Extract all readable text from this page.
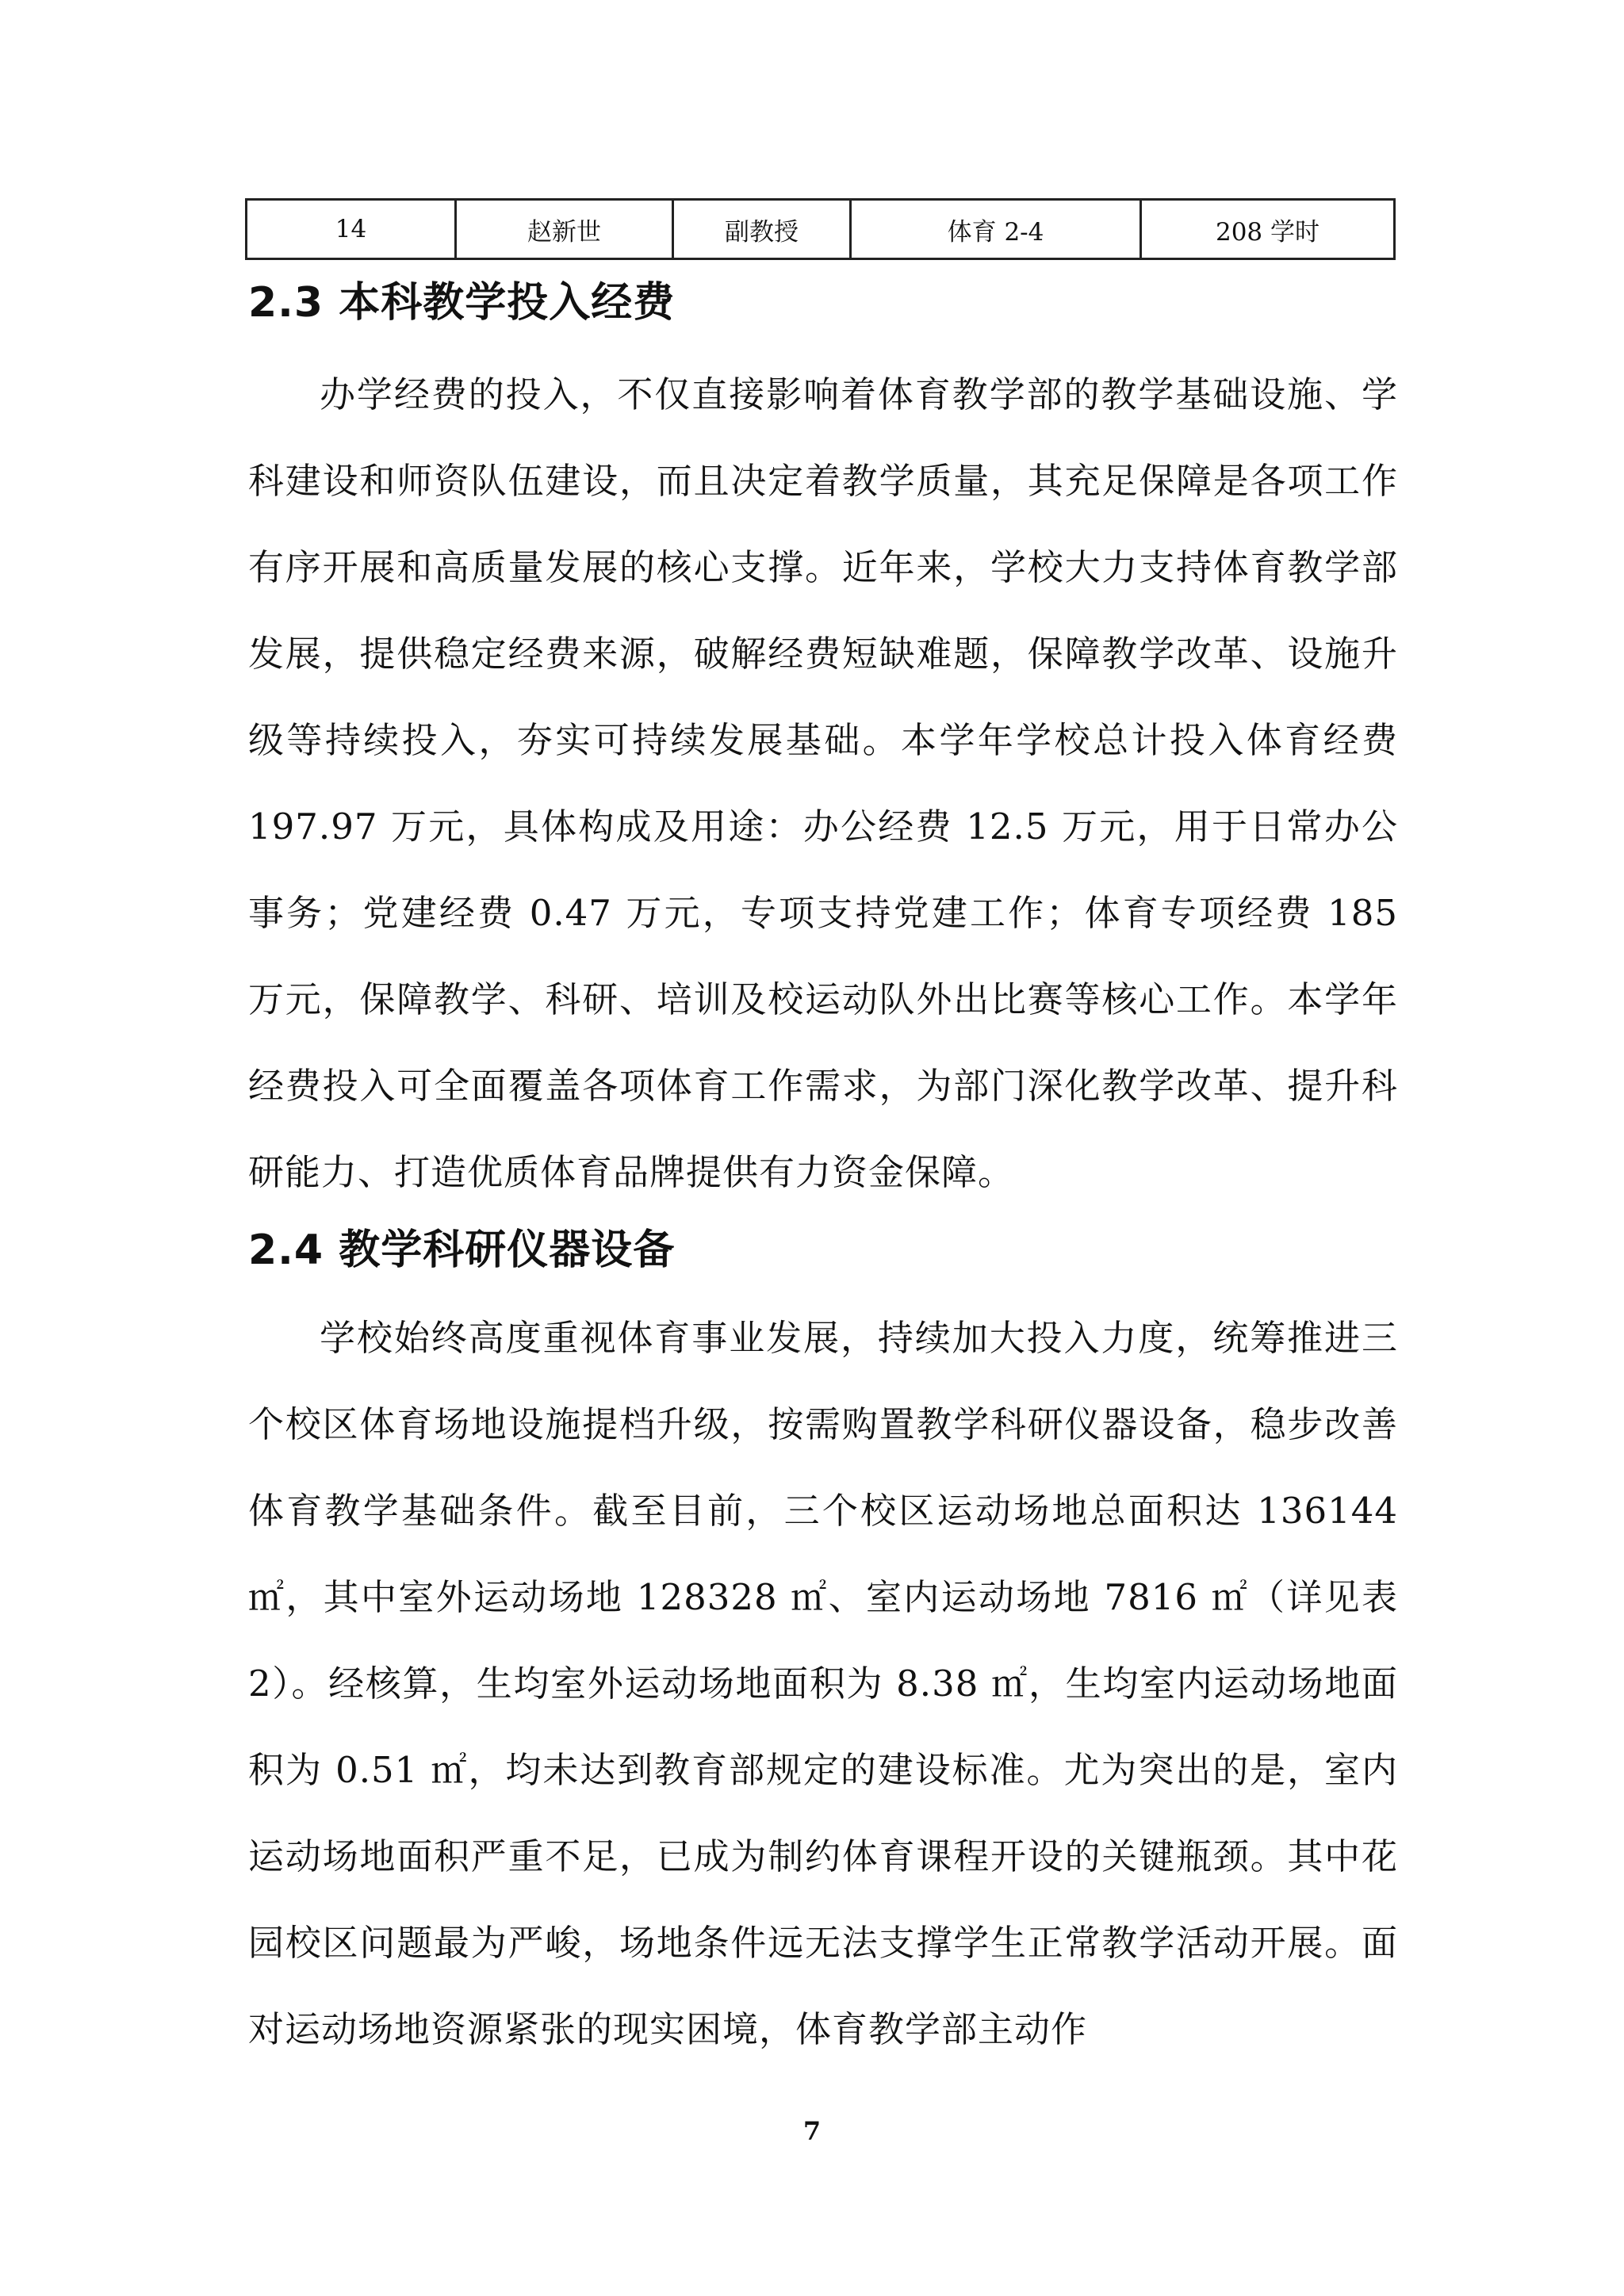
14	赵新世	副教授	体育 2-4	208 学时
2.3 本科教学投入经费
办学经费的投入，不仅直接影响着体育教学部的教学基础设施、学科建设和师资队伍建设，而且决定着教学质量，其充足保障是各项工作有序开展和高质量发展的核心支撑。近年来，学校大力支持体育教学部发展，提供稳定经费来源，破解经费短缺难题，保障教学改革、设施升级等持续投入，夯实可持续发展基础。本学年学校总计投入体育经费 197.97 万元，具体构成及用途：办公经费 12.5 万元，用于日常办公事务；党建经费 0.47 万元，专项支持党建工作；体育专项经费 185 万元，保障教学、科研、培训及校运动队外出比赛等核心工作。本学年经费投入可全面覆盖各项体育工作需求，为部门深化教学改革、提升科研能力、打造优质体育品牌提供有力资金保障。
2.4 教学科研仪器设备
学校始终高度重视体育事业发展，持续加大投入力度，统筹推进三个校区体育场地设施提档升级，按需购置教学科研仪器设备，稳步改善体育教学基础条件。截至目前，三个校区运动场地总面积达 136144 ㎡，其中室外运动场地 128328 ㎡、室内运动场地 7816 ㎡（详见表 2）。经核算，生均室外运动场地面积为 8.38 ㎡，生均室内运动场地面积为 0.51 ㎡，均未达到教育部规定的建设标准。尤为突出的是，室内运动场地面积严重不足，已成为制约体育课程开设的关键瓶颈。其中花园校区问题最为严峻，场地条件远无法支撑学生正常教学活动开展。面对运动场地资源紧张的现实困境，体育教学部主动作
7
